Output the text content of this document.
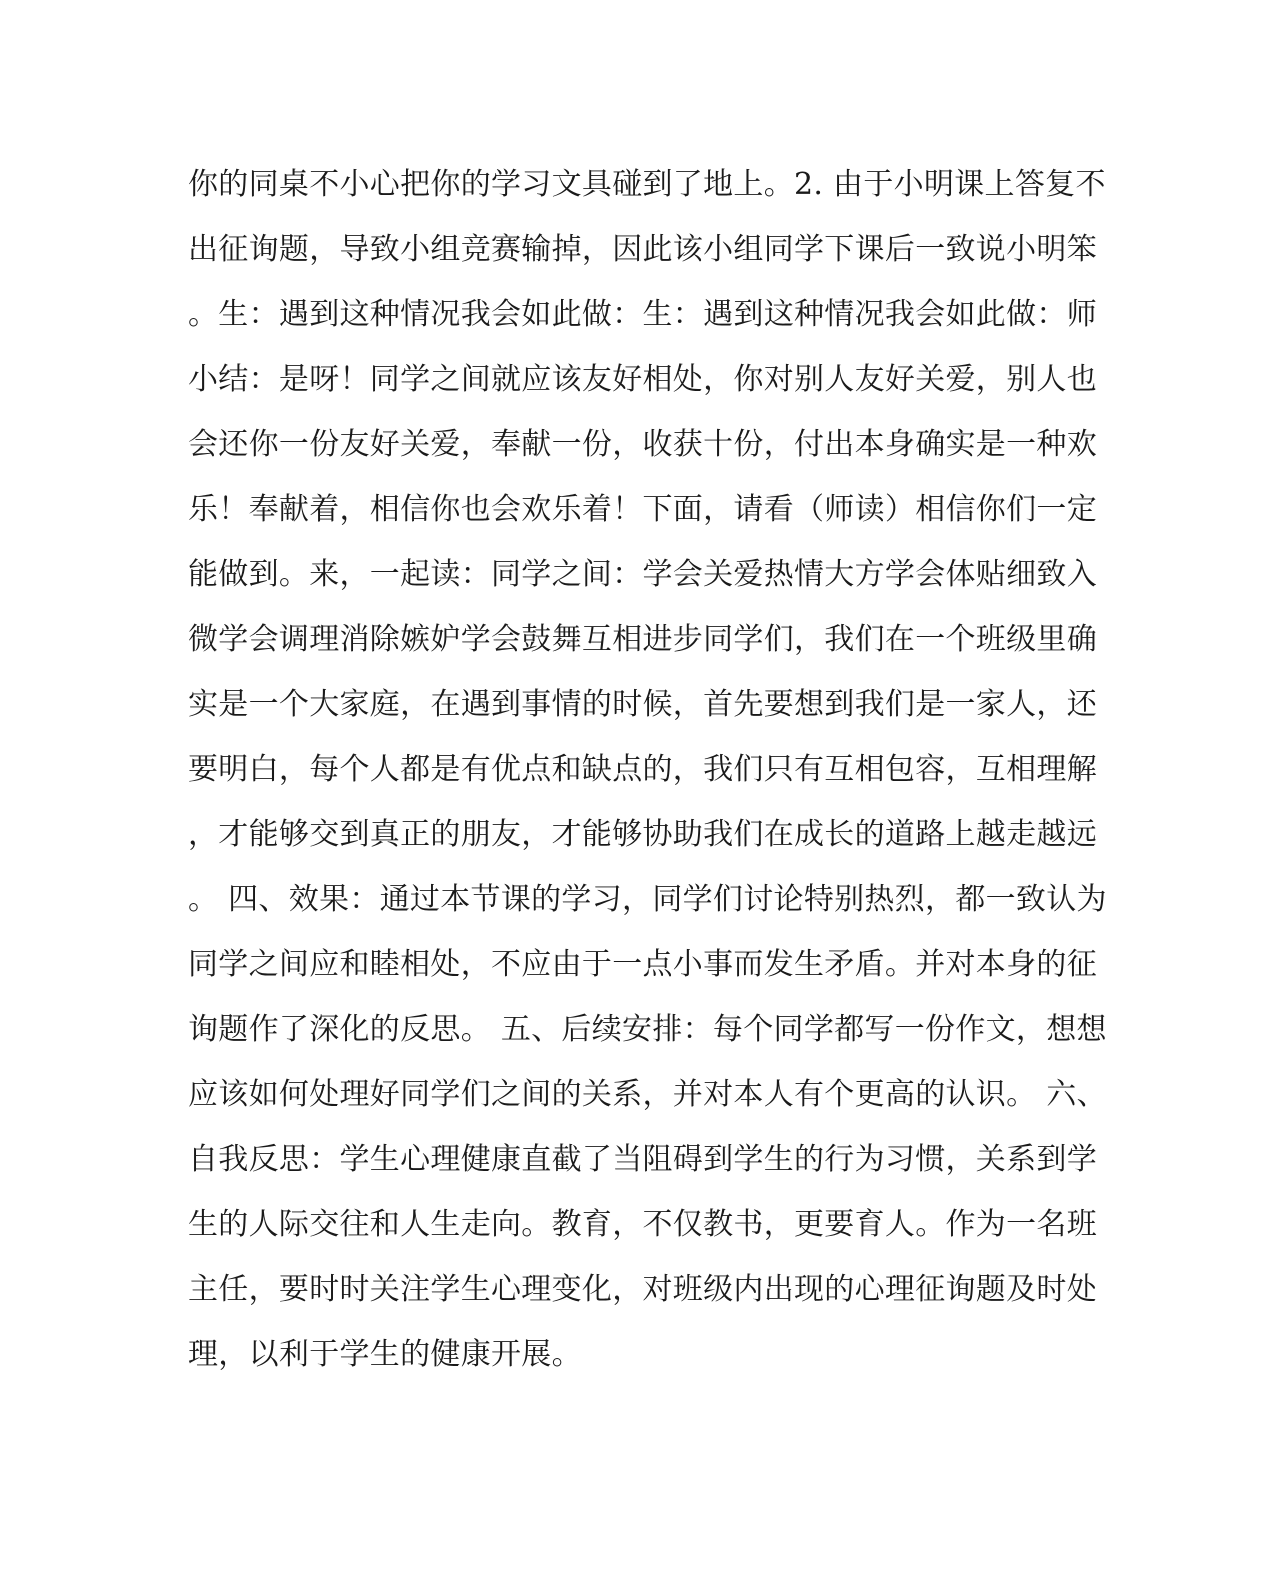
你的同桌不小心把你的学习文具碰到了地上。2. 由于小明课上答复不
出征询题，导致小组竞赛输掉，因此该小组同学下课后一致说小明笨
。生：遇到这种情况我会如此做：生：遇到这种情况我会如此做：师
小结：是呀！同学之间就应该友好相处，你对别人友好关爱，别人也
会还你一份友好关爱，奉献一份，收获十份，付出本身确实是一种欢
乐！奉献着，相信你也会欢乐着！下面，请看（师读）相信你们一定
能做到。来，一起读：同学之间：学会关爱热情大方学会体贴细致入
微学会调理消除嫉妒学会鼓舞互相进步同学们，我们在一个班级里确
实是一个大家庭，在遇到事情的时候，首先要想到我们是一家人，还
要明白，每个人都是有优点和缺点的，我们只有互相包容，互相理解
，才能够交到真正的朋友，才能够协助我们在成长的道路上越走越远
。 四、效果：通过本节课的学习，同学们讨论特别热烈，都一致认为
同学之间应和睦相处，不应由于一点小事而发生矛盾。并对本身的征
询题作了深化的反思。 五、后续安排：每个同学都写一份作文，想想
应该如何处理好同学们之间的关系，并对本人有个更高的认识。 六、
自我反思：学生心理健康直截了当阻碍到学生的行为习惯，关系到学
生的人际交往和人生走向。教育，不仅教书，更要育人。作为一名班
主任，要时时关注学生心理变化，对班级内出现的心理征询题及时处
理，以利于学生的健康开展。
